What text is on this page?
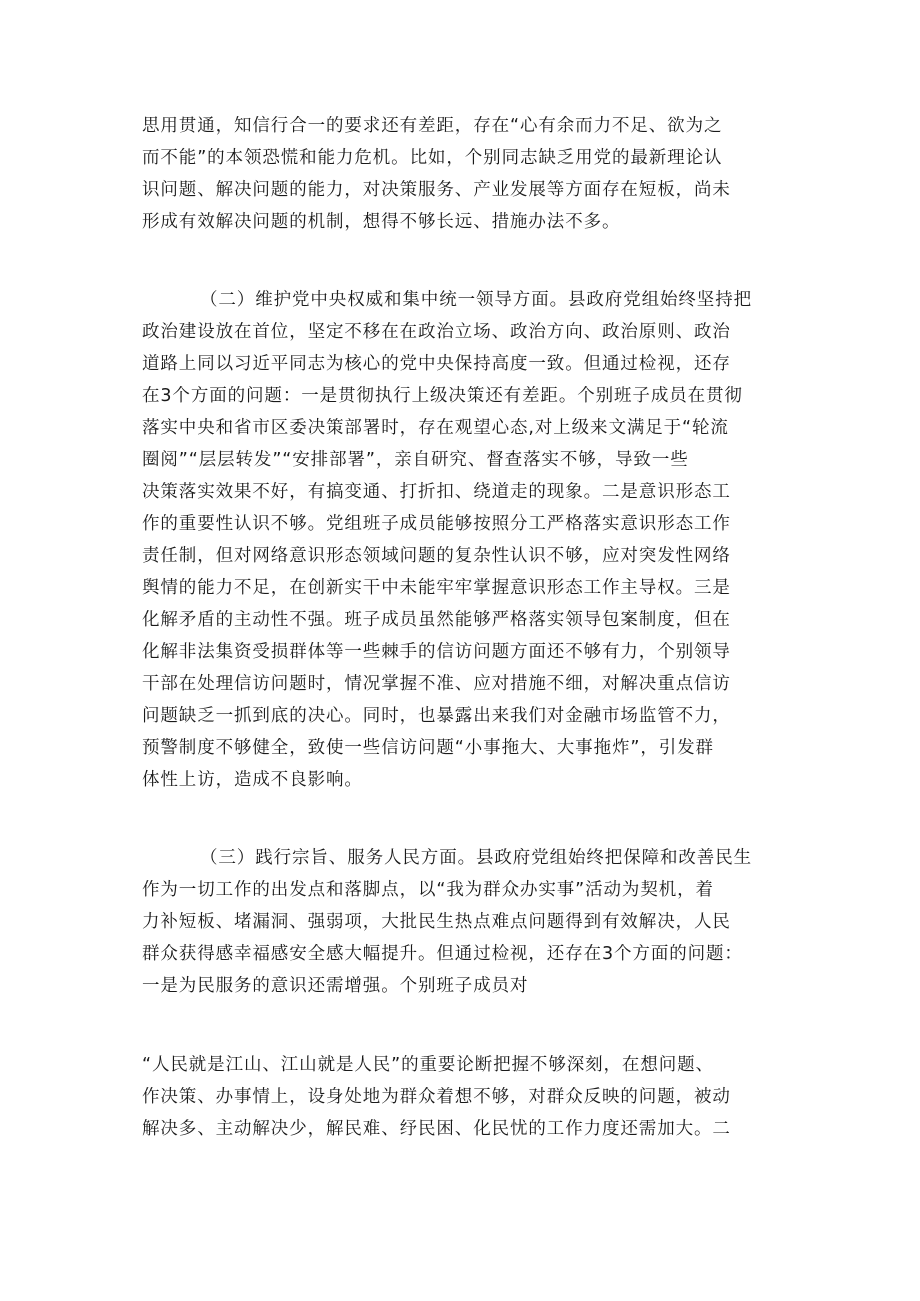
思用贯通，知信行合一的要求还有差距，存在“心有余而力不足、欲为之
而不能”的本领恐慌和能力危机。比如，个别同志缺乏用党的最新理论认
识问题、解决问题的能力，对决策服务、产业发展等方面存在短板，尚未
形成有效解决问题的机制，想得不够长远、措施办法不多。
（二）维护党中央权威和集中统一领导方面。县政府党组始终坚持把
政治建设放在首位，坚定不移在在政治立场、政治方向、政治原则、政治
道路上同以习近平同志为核心的党中央保持高度一致。但通过检视，还存
在3个方面的问题：一是贯彻执行上级决策还有差距。个别班子成员在贯彻
落实中央和省市区委决策部署时，存在观望心态,对上级来文满足于“轮流
圈阅”“层层转发”“安排部署”，亲自研究、督查落实不够，导致一些
决策落实效果不好，有搞变通、打折扣、绕道走的现象。二是意识形态工
作的重要性认识不够。党组班子成员能够按照分工严格落实意识形态工作
责任制，但对网络意识形态领域问题的复杂性认识不够，应对突发性网络
舆情的能力不足，在创新实干中未能牢牢掌握意识形态工作主导权。三是
化解矛盾的主动性不强。班子成员虽然能够严格落实领导包案制度，但在
化解非法集资受损群体等一些棘手的信访问题方面还不够有力，个别领导
干部在处理信访问题时，情况掌握不准、应对措施不细，对解决重点信访
问题缺乏一抓到底的决心。同时，也暴露出来我们对金融市场监管不力，
预警制度不够健全，致使一些信访问题“小事拖大、大事拖炸”，引发群
体性上访，造成不良影响。
（三）践行宗旨、服务人民方面。县政府党组始终把保障和改善民生
作为一切工作的出发点和落脚点，以“我为群众办实事”活动为契机，着
力补短板、堵漏洞、强弱项，大批民生热点难点问题得到有效解决，人民
群众获得感幸福感安全感大幅提升。但通过检视，还存在3个方面的问题：
一是为民服务的意识还需增强。个别班子成员对
“人民就是江山、江山就是人民”的重要论断把握不够深刻，在想问题、
作决策、办事情上，设身处地为群众着想不够，对群众反映的问题，被动
解决多、主动解决少，解民难、纾民困、化民忧的工作力度还需加大。二
